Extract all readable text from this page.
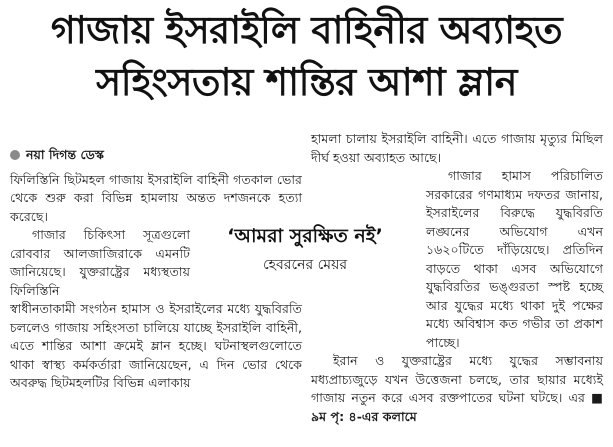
গাজায় ইসরাইলি বাহিনীর অব্যাহত
সহিংসতায় শান্তির আশা ম্লান
নয়া দিগন্ত ডেস্ক

ফিলিস্তিনি ছিটমহল গাজায় ইসরাইলি বাহিনী গতকাল ভোর থেকে শুরু করা বিভিন্ন হামলায় অন্তত দশজনকে হত্যা করেছে।

গাজার চিকিৎসা সূত্রগুলো রোববার আলজাজিরাকে এমনটি জানিয়েছে। যুক্তরাষ্ট্রের মধ্যস্থতায় ফিলিস্তিনি

স্বাধীনতাকামী সংগঠন হামাস ও ইসরাইলের মধ্যে যুদ্ধবিরতি চললেও গাজায় সহিংসতা চালিয়ে যাচ্ছে ইসরাইলি বাহিনী, এতে শান্তির আশা ক্রমেই ম্লান হচ্ছে। ঘটনাস্থলগুলোতে থাকা স্বাস্থ্য কর্মকর্তারা জানিয়েছেন, এ দিন ভোর থেকে অবরুদ্ধ ছিটমহলটির বিভিন্ন এলাকায়

হামলা চালায় ইসরাইলি বাহিনী। এতে গাজায় মৃত্যুর মিছিল দীর্ঘ হওয়া অব্যাহত আছে।

গাজার হামাস পরিচালিত সরকারের গণমাধ্যম দফতর জানায়, ইসরাইলের বিরুদ্ধে যুদ্ধবিরতি লঙ্ঘনের অভিযোগ এখন ১৬২০টিতে দাঁড়িয়েছে। প্রতিদিন বাড়তে থাকা এসব অভিযোগে যুদ্ধবিরতির ভঙ্গুরতা স্পষ্ট হচ্ছে আর যুদ্ধের মধ্যে থাকা দুই পক্ষের মধ্যে অবিশ্বাস কত গভীর তা প্রকাশ পাচ্ছে।

ইরান ও যুক্তরাষ্ট্রের মধ্যে যুদ্ধের সম্ভাবনায় মধ্যপ্রাচ্যজুড়ে যখন উত্তেজনা চলছে, তার ছায়ার মধ্যেই গাজায় নতুন করে এসব রক্তপাতের ঘটনা ঘটছে। এর ■ ৯ম পৃ: ৪-এর কলামে

‘আমরা সুরক্ষিত নই’
হেবরনের মেয়র
